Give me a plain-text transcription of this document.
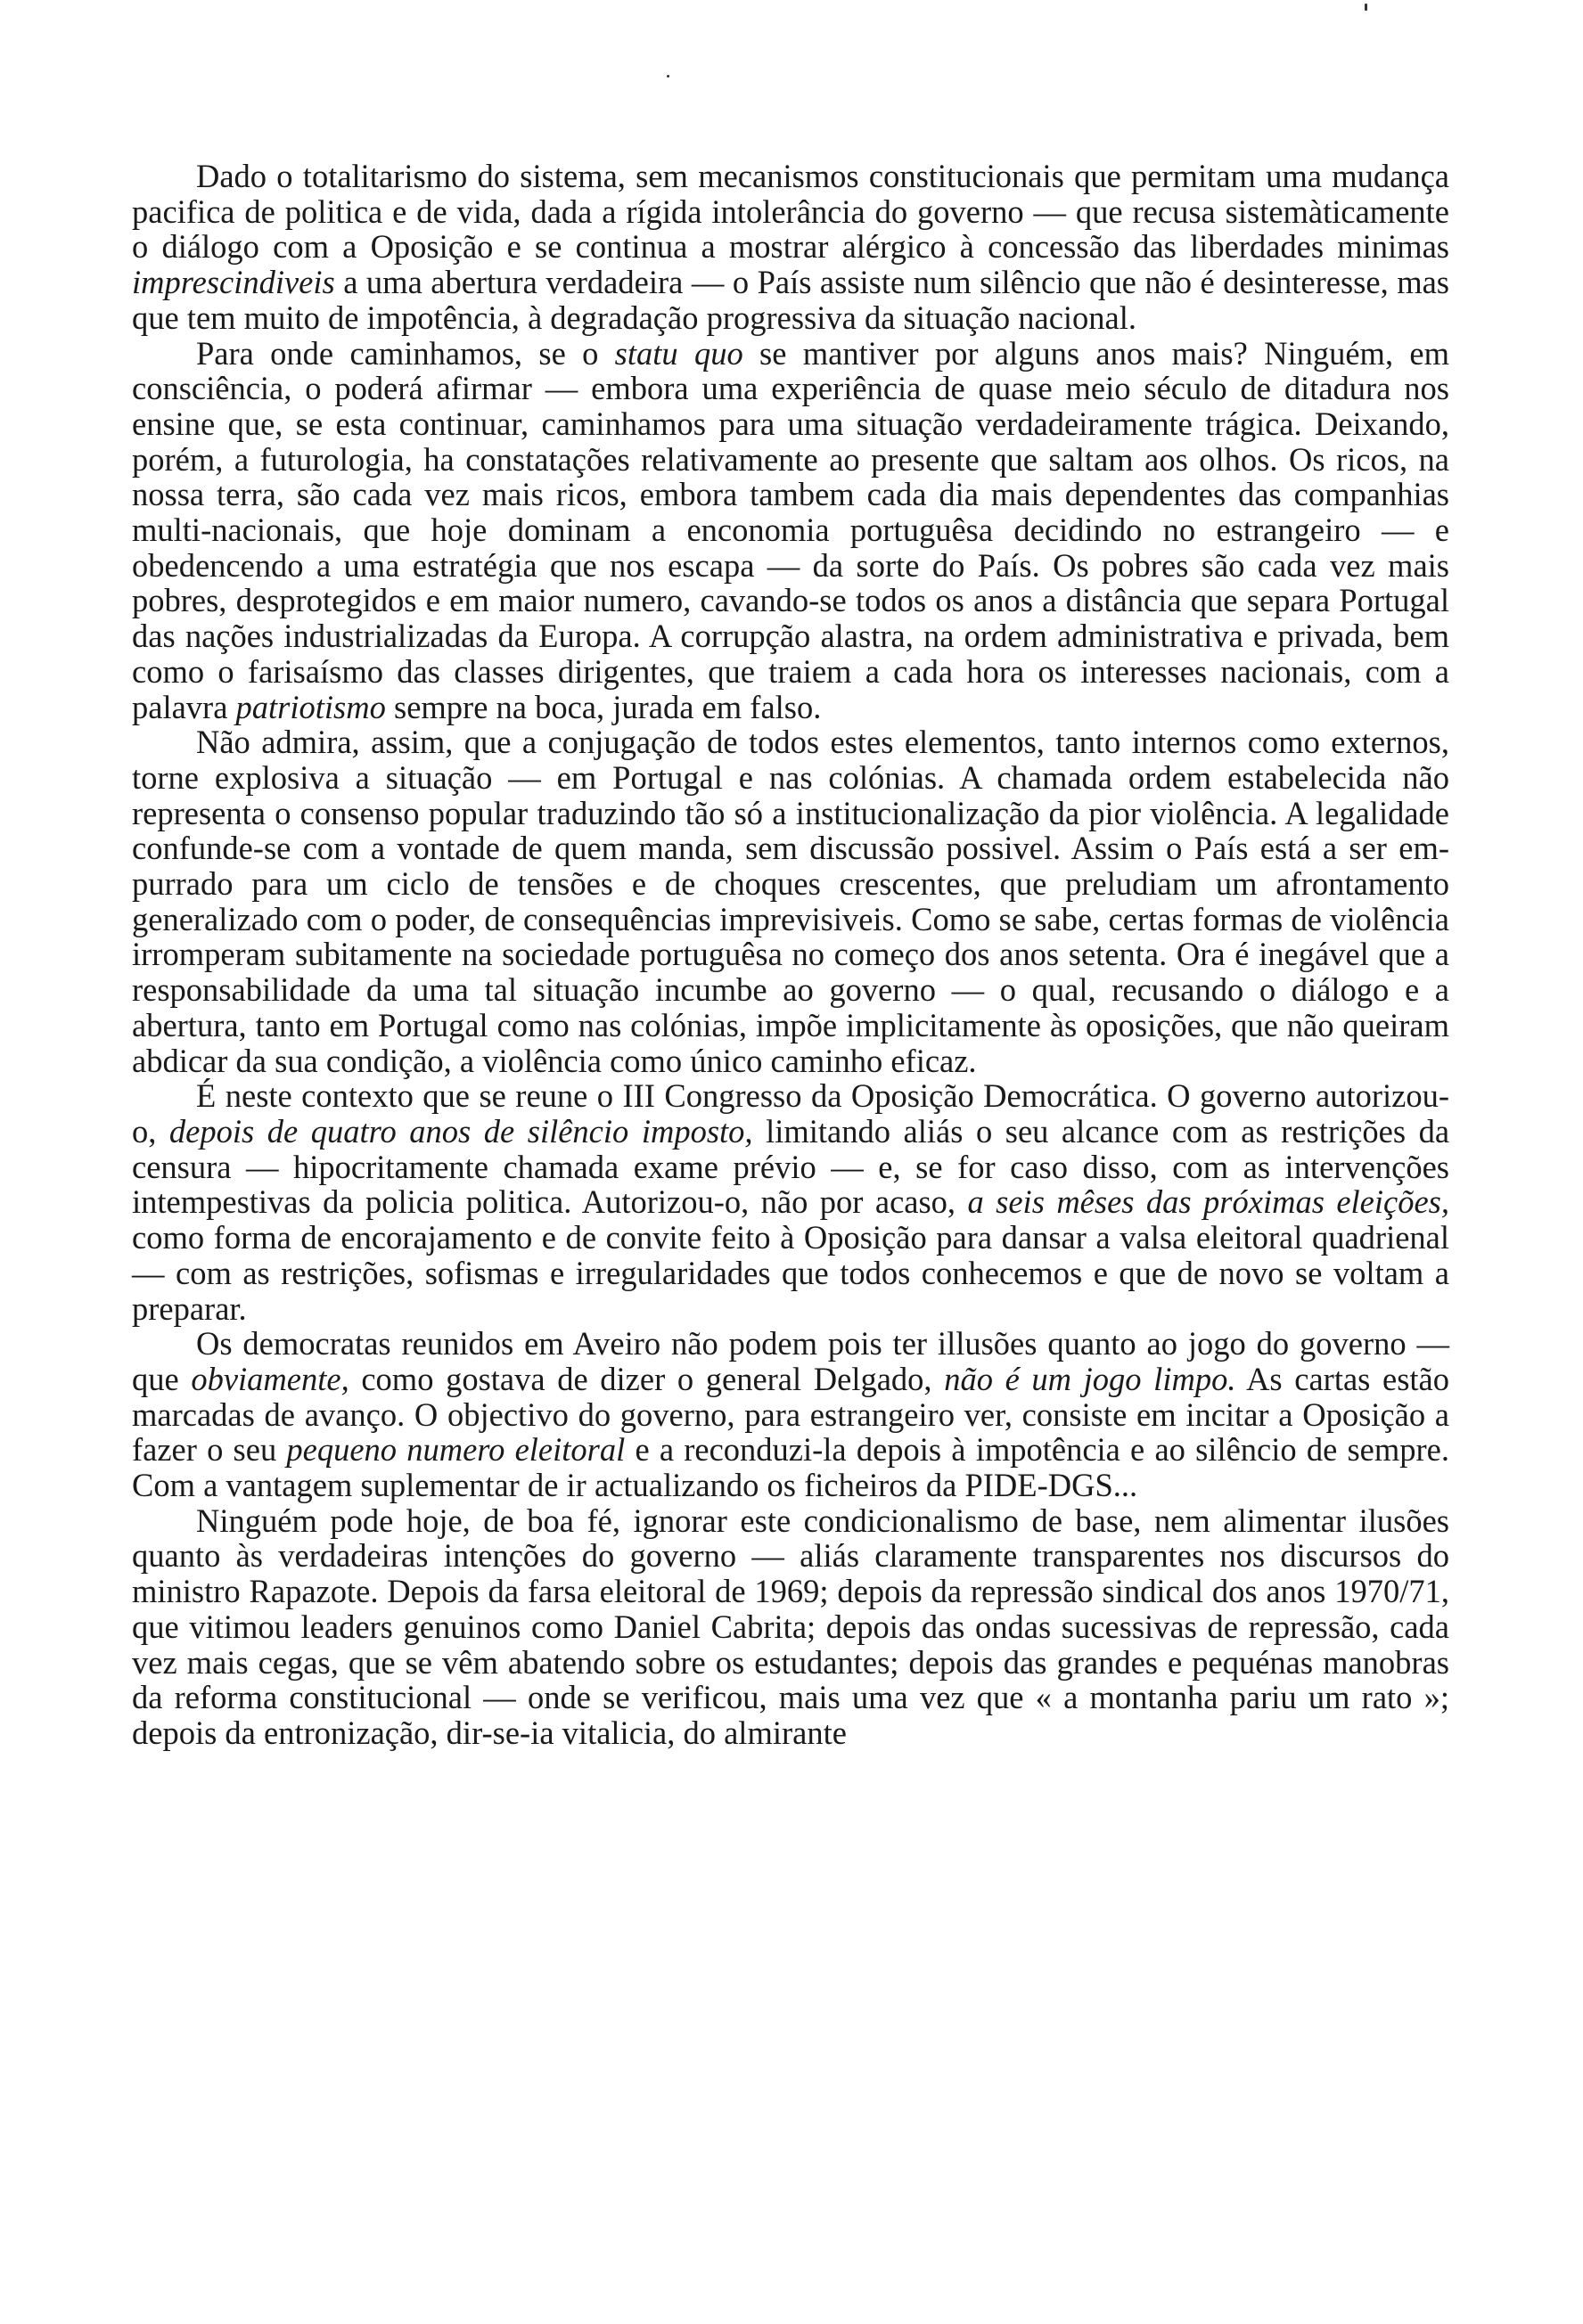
Dado o totalitarismo do sistema, sem mecanismos constitucionais que permitam uma mudança pacifica de politica e de vida, dada a rígida intolerância do governo — que recusa sistemàticamente o diálogo com a Oposição e se continua a mostrar alérgico à concessão das liberdades minimas imprescindiveis a uma abertura verdadeira — o País assiste num silêncio que não é desinteresse, mas que tem muito de impotência, à degradação progressiva da situação nacional.

Para onde caminhamos, se o statu quo se mantiver por alguns anos mais? Ninguém, em consciência, o poderá afirmar — embora uma experiência de quase meio século de ditadura nos ensine que, se esta continuar, caminhamos para uma situação verdadeiramente trágica. Deixando, porém, a futurologia, ha constatações relativamente ao presente que saltam aos olhos. Os ricos, na nossa terra, são cada vez mais ricos, embora tambem cada dia mais dependentes das companhias multi-nacionais, que hoje dominam a enconomia portuguêsa decidindo no estrangeiro — e obedencendo a uma estratégia que nos escapa — da sorte do País. Os pobres são cada vez mais pobres, desprotegidos e em maior numero, cavando-se todos os anos a distância que separa Portugal das nações industrializadas da Europa. A corrupção alastra, na ordem administrativa e privada, bem como o farisaísmo das classes dirigentes, que traiem a cada hora os interesses nacionais, com a palavra patriotismo sempre na boca, jurada em falso.

Não admira, assim, que a conjugação de todos estes elementos, tanto internos como externos, torne explosiva a situação — em Portugal e nas colónias. A chamada ordem estabelecida não representa o consenso popular traduzindo tão só a institucionalização da pior violência. A legalidade confunde-se com a vontade de quem manda, sem discussão possivel. Assim o País está a ser empurrado para um ciclo de tensões e de choques crescentes, que preludiam um afrontamento generalizado com o poder, de consequências imprevisiveis. Como se sabe, certas formas de violência irromperam subitamente na sociedade portuguêsa no começo dos anos setenta. Ora é inegável que a responsabilidade da uma tal situação incumbe ao governo — o qual, recusando o diálogo e a abertura, tanto em Portugal como nas colónias, impõe implicitamente às oposições, que não queiram abdicar da sua condição, a violência como único caminho eficaz.

É neste contexto que se reune o III Congresso da Oposição Democrática. O governo autorizou-o, depois de quatro anos de silêncio imposto, limitando aliás o seu alcance com as restrições da censura — hipocritamente chamada exame prévio — e, se for caso disso, com as intervenções intempestivas da policia politica. Autorizou-o, não por acaso, a seis mêses das próximas eleições, como forma de encorajamento e de convite feito à Oposição para dansar a valsa eleitoral quadrienal — com as restrições, sofismas e irregularidades que todos conhecemos e que de novo se voltam a preparar.

Os democratas reunidos em Aveiro não podem pois ter illusões quanto ao jogo do governo — que obviamente, como gostava de dizer o general Delgado, não é um jogo limpo. As cartas estão marcadas de avanço. O objectivo do governo, para estrangeiro ver, consiste em incitar a Oposição a fazer o seu pequeno numero eleitoral e a reconduzi-la depois à impotência e ao silêncio de sempre. Com a vantagem suplementar de ir actualizando os ficheiros da PIDE-DGS...

Ninguém pode hoje, de boa fé, ignorar este condicionalismo de base, nem alimentar ilusões quanto às verdadeiras intenções do governo — aliás claramente transparentes nos discursos do ministro Rapazote. Depois da farsa eleitoral de 1969; depois da repressão sindical dos anos 1970/71, que vitimou leaders genuinos como Daniel Cabrita; depois das ondas sucessivas de repressão, cada vez mais cegas, que se vêm abatendo sobre os estudantes; depois das grandes e pequénas manobras da reforma constitucional — onde se verificou, mais uma vez que « a montanha pariu um rato »; depois da entronização, dir-se-ia vitalicia, do almirante
